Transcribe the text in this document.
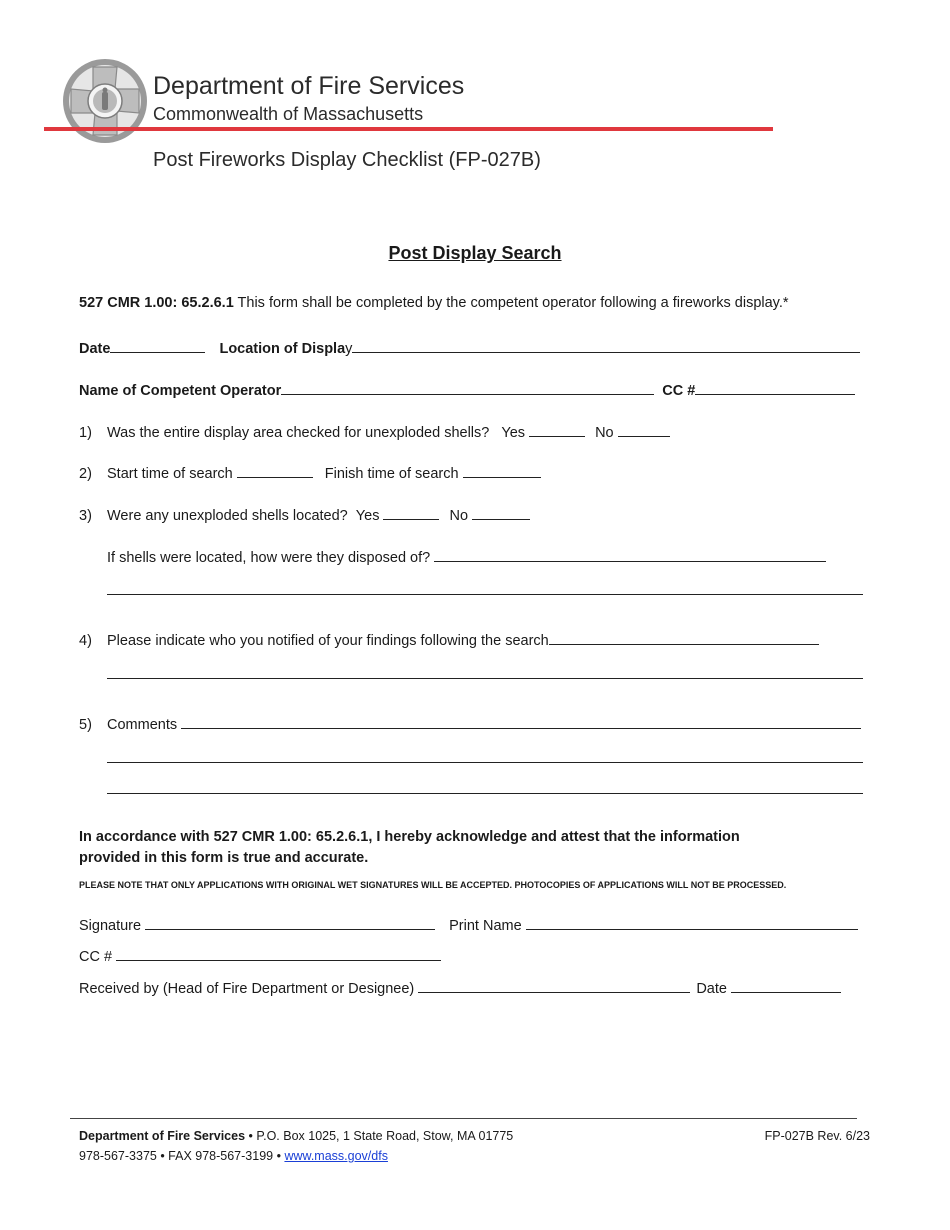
Department of Fire Services
Commonwealth of Massachusetts
Post Fireworks Display Checklist (FP-027B)
Post Display Search
527 CMR 1.00: 65.2.6.1 This form shall be completed by the competent operator following a fireworks display.*
Date	Location of Display
Name of Competent Operator	CC #
1) Was the entire display area checked for unexploded shells? Yes	No
2) Start time of search	Finish time of search
3) Were any unexploded shells located? Yes	No
If shells were located, how were they disposed of?
4) Please indicate who you notified of your findings following the search
5) Comments
In accordance with 527 CMR 1.00: 65.2.6.1, I hereby acknowledge and attest that the information
provided in this form is true and accurate.
PLEASE NOTE THAT ONLY APPLICATIONS WITH ORIGINAL WET SIGNATURES WILL BE ACCEPTED. PHOTOCOPIES OF APPLICATIONS WILL NOT BE PROCESSED.
Signature	Print Name
CC #
Received by (Head of Fire Department or Designee)	Date
Department of Fire Services • P.O. Box 1025, 1 State Road, Stow, MA 01775
978-567-3375 • FAX 978-567-3199 • www.mass.gov/dfs
FP-027B Rev. 6/23
